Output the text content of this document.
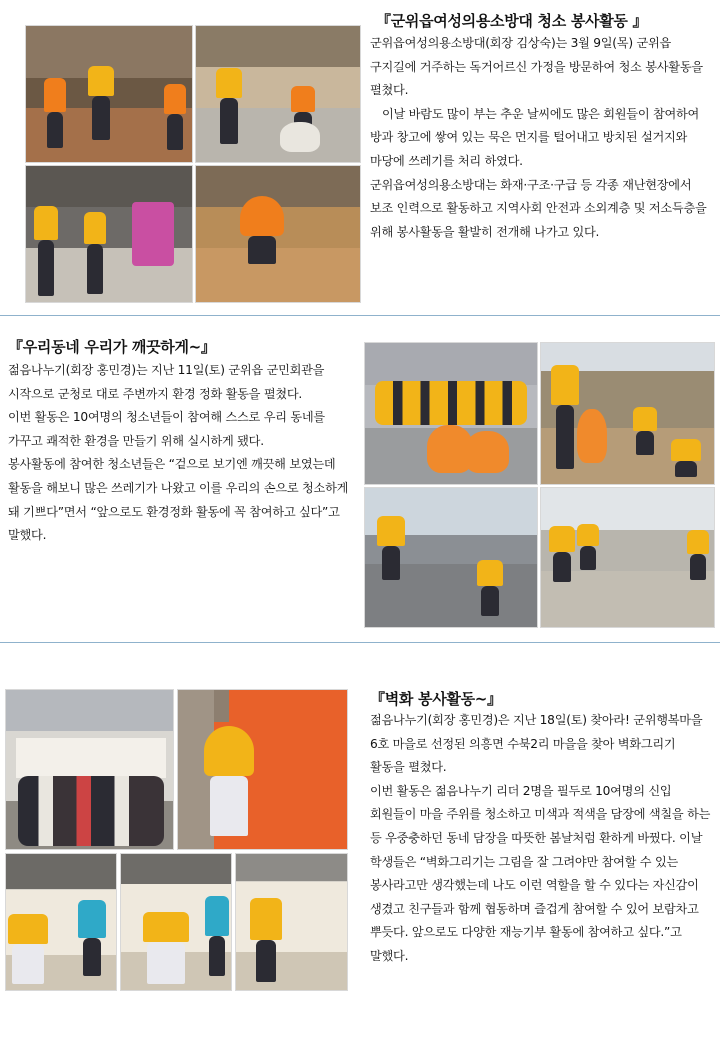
『군위읍여성의용소방대 청소 봉사활동 』

군위읍여성의용소방대(회장 김상숙)는 3월 9일(목) 군위읍 구지길에 거주하는 독거어르신 가정을 방문하여 청소 봉사활동을 펼쳤다.

이날 바람도 많이 부는 추운 날씨에도 많은 회원들이 참여하여 방과 창고에 쌓여 있는 묵은 먼지를 털어내고 방치된 설거지와 마당에 쓰레기를 처리 하였다.

군위읍여성의용소방대는 화재·구조·구급 등 각종 재난현장에서 보조 인력으로 활동하고 지역사회 안전과 소외계층 및 저소득층을 위해 봉사활동을 활발히 전개해 나가고 있다.

『우리동네 우리가 깨끗하게~』

젊음나누기(회장 홍민경)는 지난 11일(토) 군위읍 군민회관을 시작으로 군청로 대로 주변까지 환경 정화 활동을 펼쳤다.

이번 활동은 10여명의 청소년들이 참여해 스스로 우리 동네를 가꾸고 쾌적한 환경을 만들기 위해 실시하게 됐다.

봉사활동에 참여한 청소년들은 “겉으로 보기엔 깨끗해 보였는데 활동을 해보니 많은 쓰레기가 나왔고 이를 우리의 손으로 청소하게 돼 기쁘다”면서 “앞으로도 환경정화 활동에 꼭 참여하고 싶다”고 말했다.

『벽화 봉사활동~』

젊음나누기(회장 홍민경)은 지난 18일(토) 찾아라! 군위행복마을 6호 마을로 선정된 의흥면 수북2리 마을을 찾아 벽화그리기 활동을 펼쳤다.

이번 활동은 젊음나누기 리더 2명을 필두로 10여명의 신입 회원들이 마을 주위를 청소하고 미색과 적색을 담장에 색칠을 하는 등 우중충하던 동네 담장을 따뜻한 봄날처럼 환하게 바꿨다. 이날 학생들은 “벽화그리기는 그림을 잘 그려야만 참여할 수 있는 봉사라고만 생각했는데 나도 이런 역할을 할 수 있다는 자신감이 생겼고 친구들과 함께 협동하며 즐겁게 참여할 수 있어 보람차고 뿌듯다. 앞으로도 다양한 재능기부 활동에 참여하고 싶다.”고 말했다.
